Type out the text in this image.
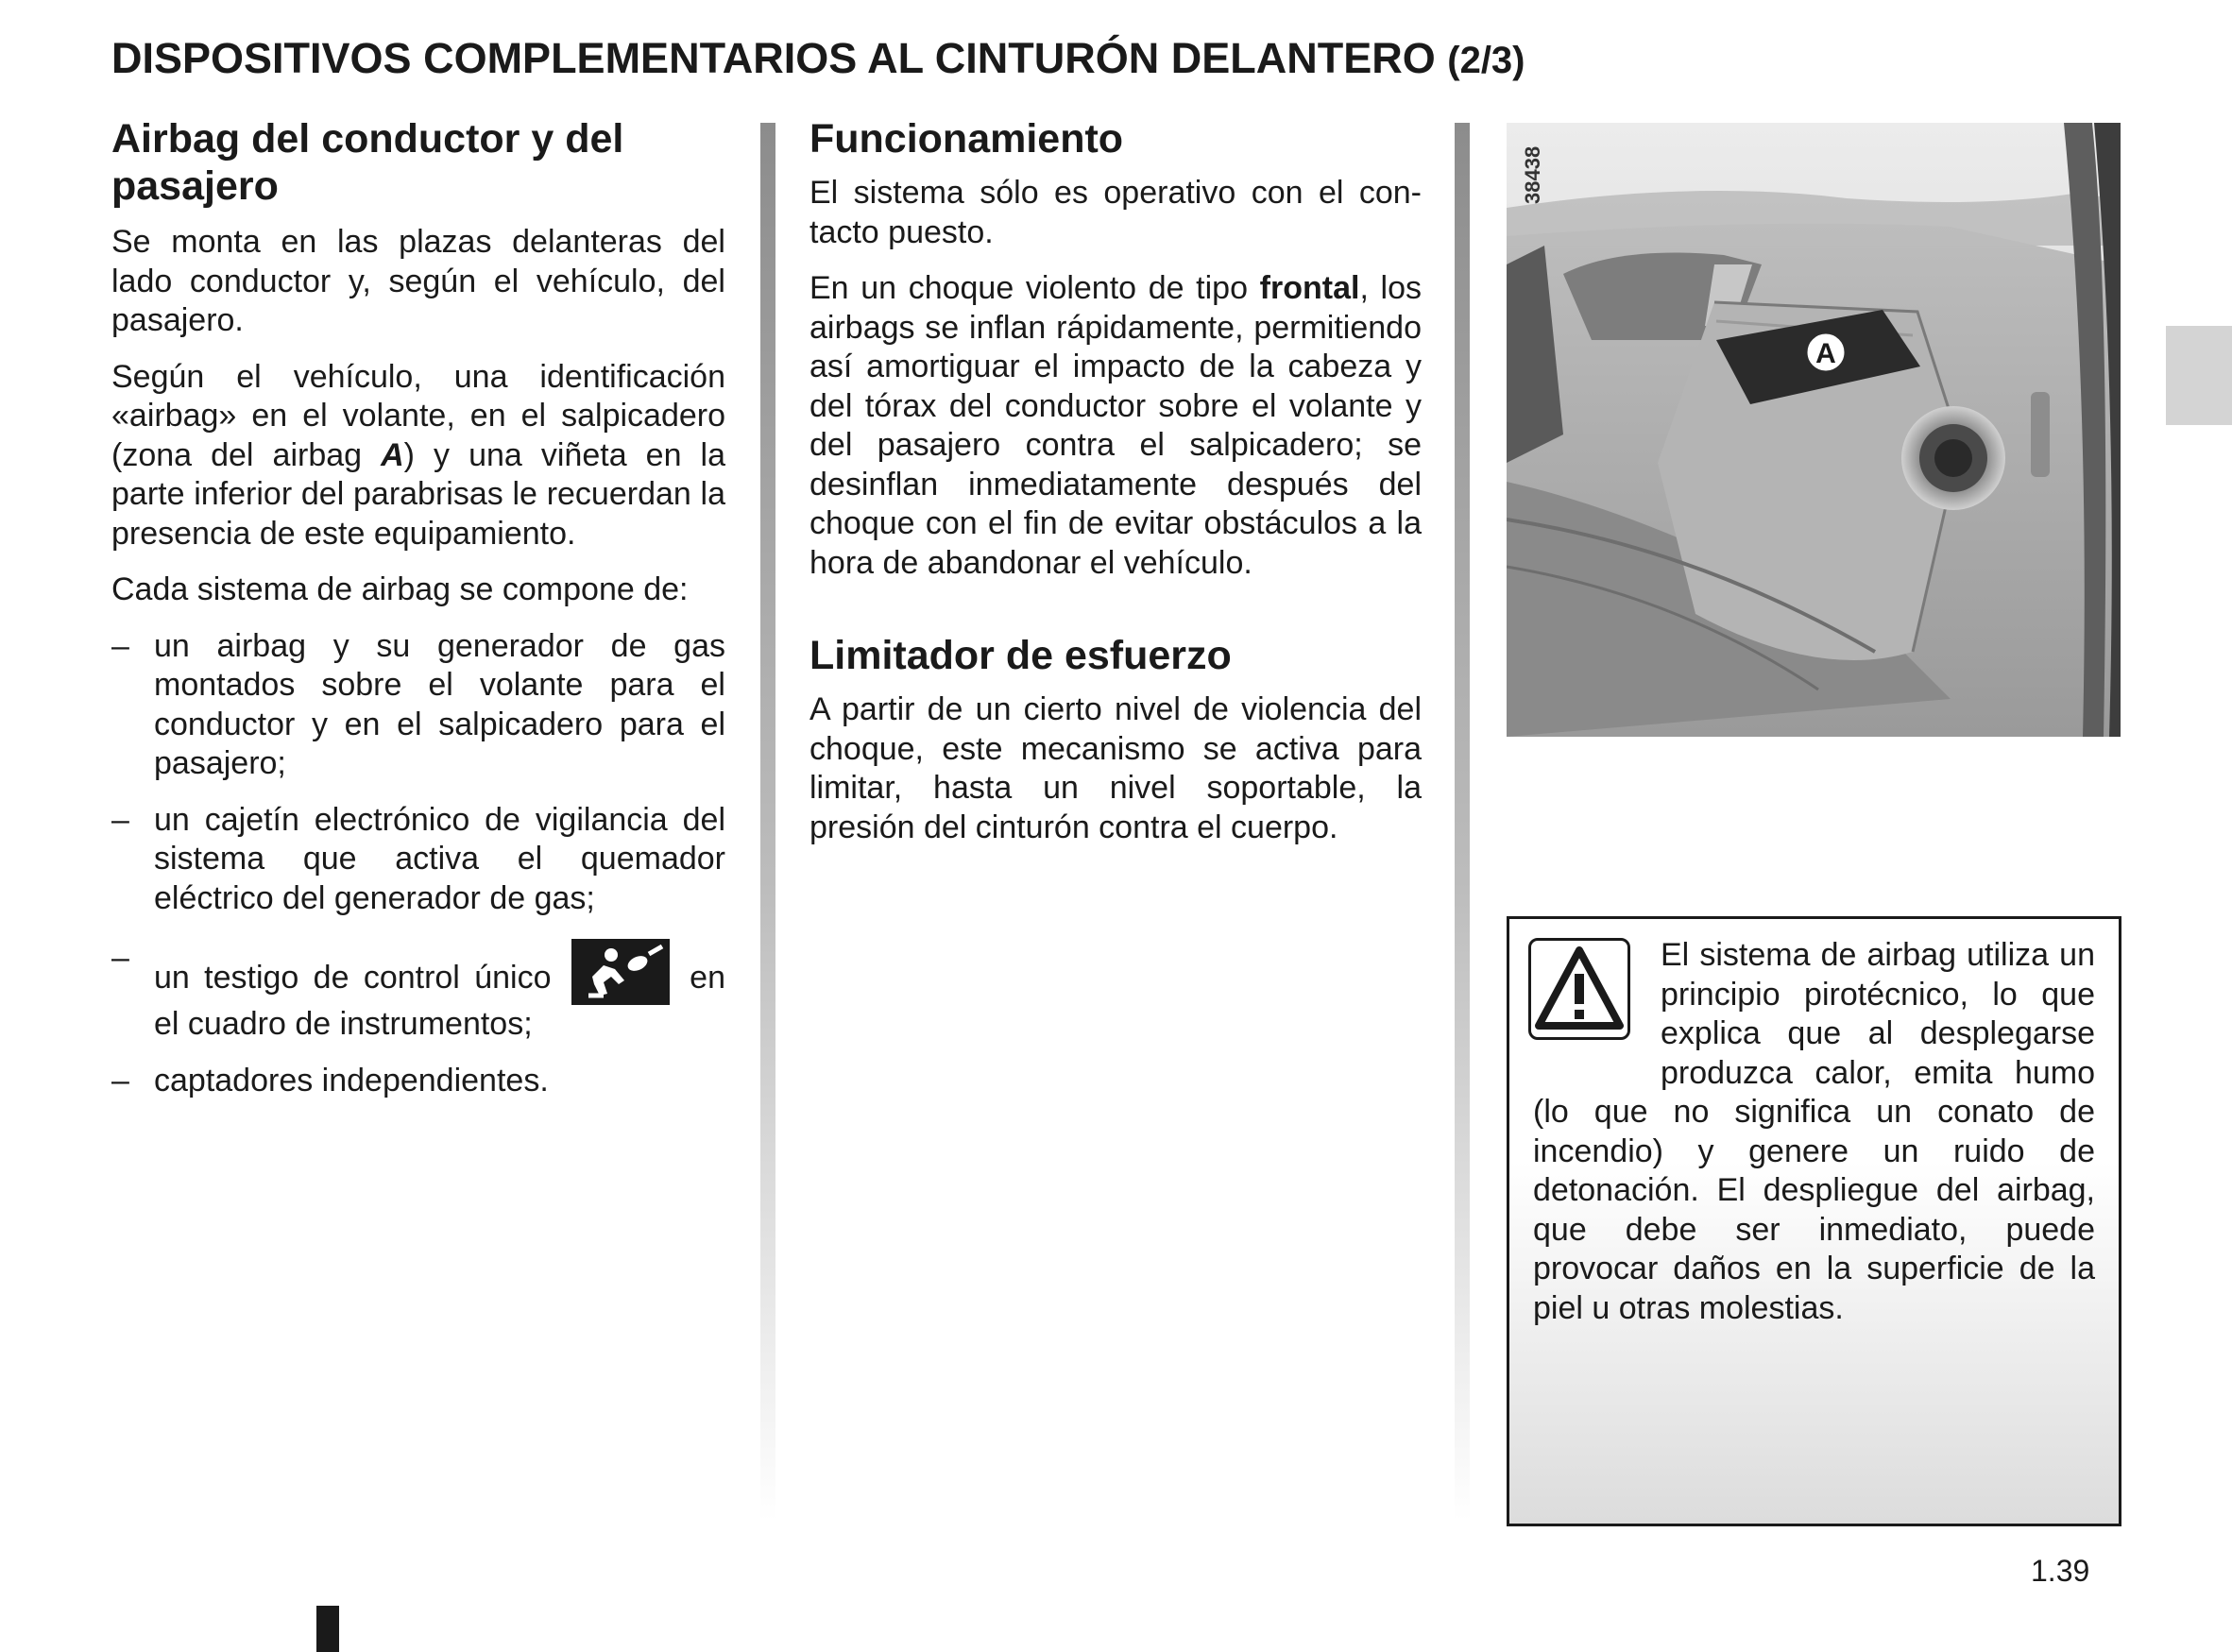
DISPOSITIVOS COMPLEMENTARIOS AL CINTURÓN DELANTERO (2/3)

Airbag del conductor y del pasajero

Se monta en las plazas delanteras del lado conductor y, según el vehículo, del pasajero.

Según el vehículo, una identificación «airbag» en el volante, en el salpicadero (zona del airbag A) y una viñeta en la parte inferior del parabrisas le recuerdan la presencia de este equipamiento.

Cada sistema de airbag se compone de:

– un airbag y su generador de gas montados sobre el volante para el conductor y en el salpicadero para el pasajero;
– un cajetín electrónico de vigilancia del sistema que activa el quemador eléctrico del generador de gas;
–
un testigo de control único	en el cuadro de instrumentos;
– captadores independientes.

Funcionamiento

El sistema sólo es operativo con el contacto puesto.

En un choque violento de tipo frontal, los airbags se inflan rápidamente, permitiendo así amortiguar el impacto de la cabeza y del tórax del conductor sobre el volante y del pasajero contra el salpicadero; se desinflan inmediatamente después del choque con el fin de evitar obstáculos a la hora de abandonar el vehículo.

Limitador de esfuerzo

A partir de un cierto nivel de violencia del choque, este mecanismo se activa para limitar, hasta un nivel soportable, la presión del cinturón contra el cuerpo.

A
38438
El sistema de airbag utiliza un principio pirotécnico, lo que explica que al desplegarse produzca calor, emita humo (lo que no significa un conato de incendio) y genere un ruido de detonación. El despliegue del airbag, que debe ser inmediato, puede provocar daños en la superficie de la piel u otras molestias.
1.39
